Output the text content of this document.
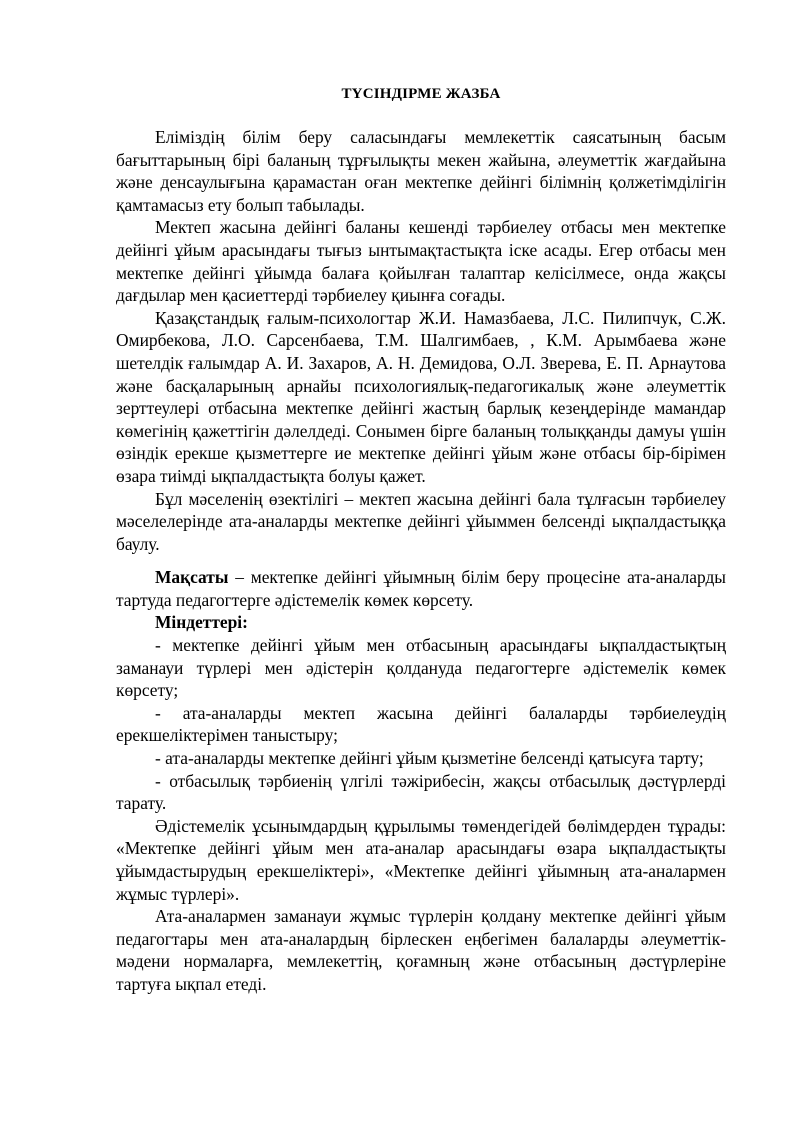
ТҮСІНДІРМЕ ЖАЗБА

Еліміздің білім беру саласындағы мемлекеттік саясатының басым бағыттарының бірі баланың тұрғылықты мекен жайына, әлеуметтік жағдайына және денсаулығына қарамастан оған мектепке дейінгі білімнің қолжетімділігін қамтамасыз ету болып табылады.

Мектеп жасына дейінгі баланы кешенді тәрбиелеу отбасы мен мектепке дейінгі ұйым арасындағы тығыз ынтымақтастықта іске асады. Егер отбасы мен мектепке дейінгі ұйымда балаға қойылған талаптар келісілмесе, онда жақсы дағдылар мен қасиеттерді тәрбиелеу қиынға соғады.

Қазақстандық ғалым-психологтар Ж.И. Намазбаева, Л.С. Пилипчук, С.Ж. Омирбекова, Л.О. Сарсенбаева, Т.М. Шалгимбаев, , К.М. Арымбаева және шетелдік ғалымдар А. И. Захаров, А. Н. Демидова, О.Л. Зверева, Е. П. Арнаутова және басқаларының арнайы психологиялық-педагогикалық және әлеуметтік зерттеулері отбасына мектепке дейінгі жастың барлық кезеңдерінде мамандар көмегінің қажеттігін дәлелдеді. Сонымен бірге баланың толыққанды дамуы үшін өзіндік ерекше қызметтерге ие мектепке дейінгі ұйым және отбасы бір-бірімен өзара тиімді ықпалдастықта болуы қажет.

Бұл мәселенің өзектілігі – мектеп жасына дейінгі бала тұлғасын тәрбиелеу мәселелерінде ата-аналарды мектепке дейінгі ұйыммен белсенді ықпалдастыққа баулу.

Мақсаты – мектепке дейінгі ұйымның білім беру процесіне ата-аналарды тартуда педагогтерге әдістемелік көмек көрсету.

Міндеттері:

- мектепке дейінгі ұйым мен отбасының арасындағы ықпалдастықтың заманауи түрлері мен әдістерін қолдануда педагогтерге әдістемелік көмек көрсету;

- ата-аналарды мектеп жасына дейінгі балаларды тәрбиелеудің ерекшеліктерімен таныстыру;

- ата-аналарды мектепке дейінгі ұйым қызметіне белсенді қатысуға тарту;

- отбасылық тәрбиенің үлгілі тәжірибесін, жақсы отбасылық дәстүрлерді тарату.

Әдістемелік ұсынымдардың құрылымы төмендегідей бөлімдерден тұрады: «Мектепке дейінгі ұйым мен ата-аналар арасындағы өзара ықпалдастықты ұйымдастырудың ерекшеліктері», «Мектепке дейінгі ұйымның ата-аналармен жұмыс түрлері».

Ата-аналармен заманауи жұмыс түрлерін қолдану мектепке дейінгі ұйым педагогтары мен ата-аналардың бірлескен еңбегімен балаларды әлеуметтік-мәдени нормаларға, мемлекеттің, қоғамның және отбасының дәстүрлеріне тартуға ықпал етеді.
